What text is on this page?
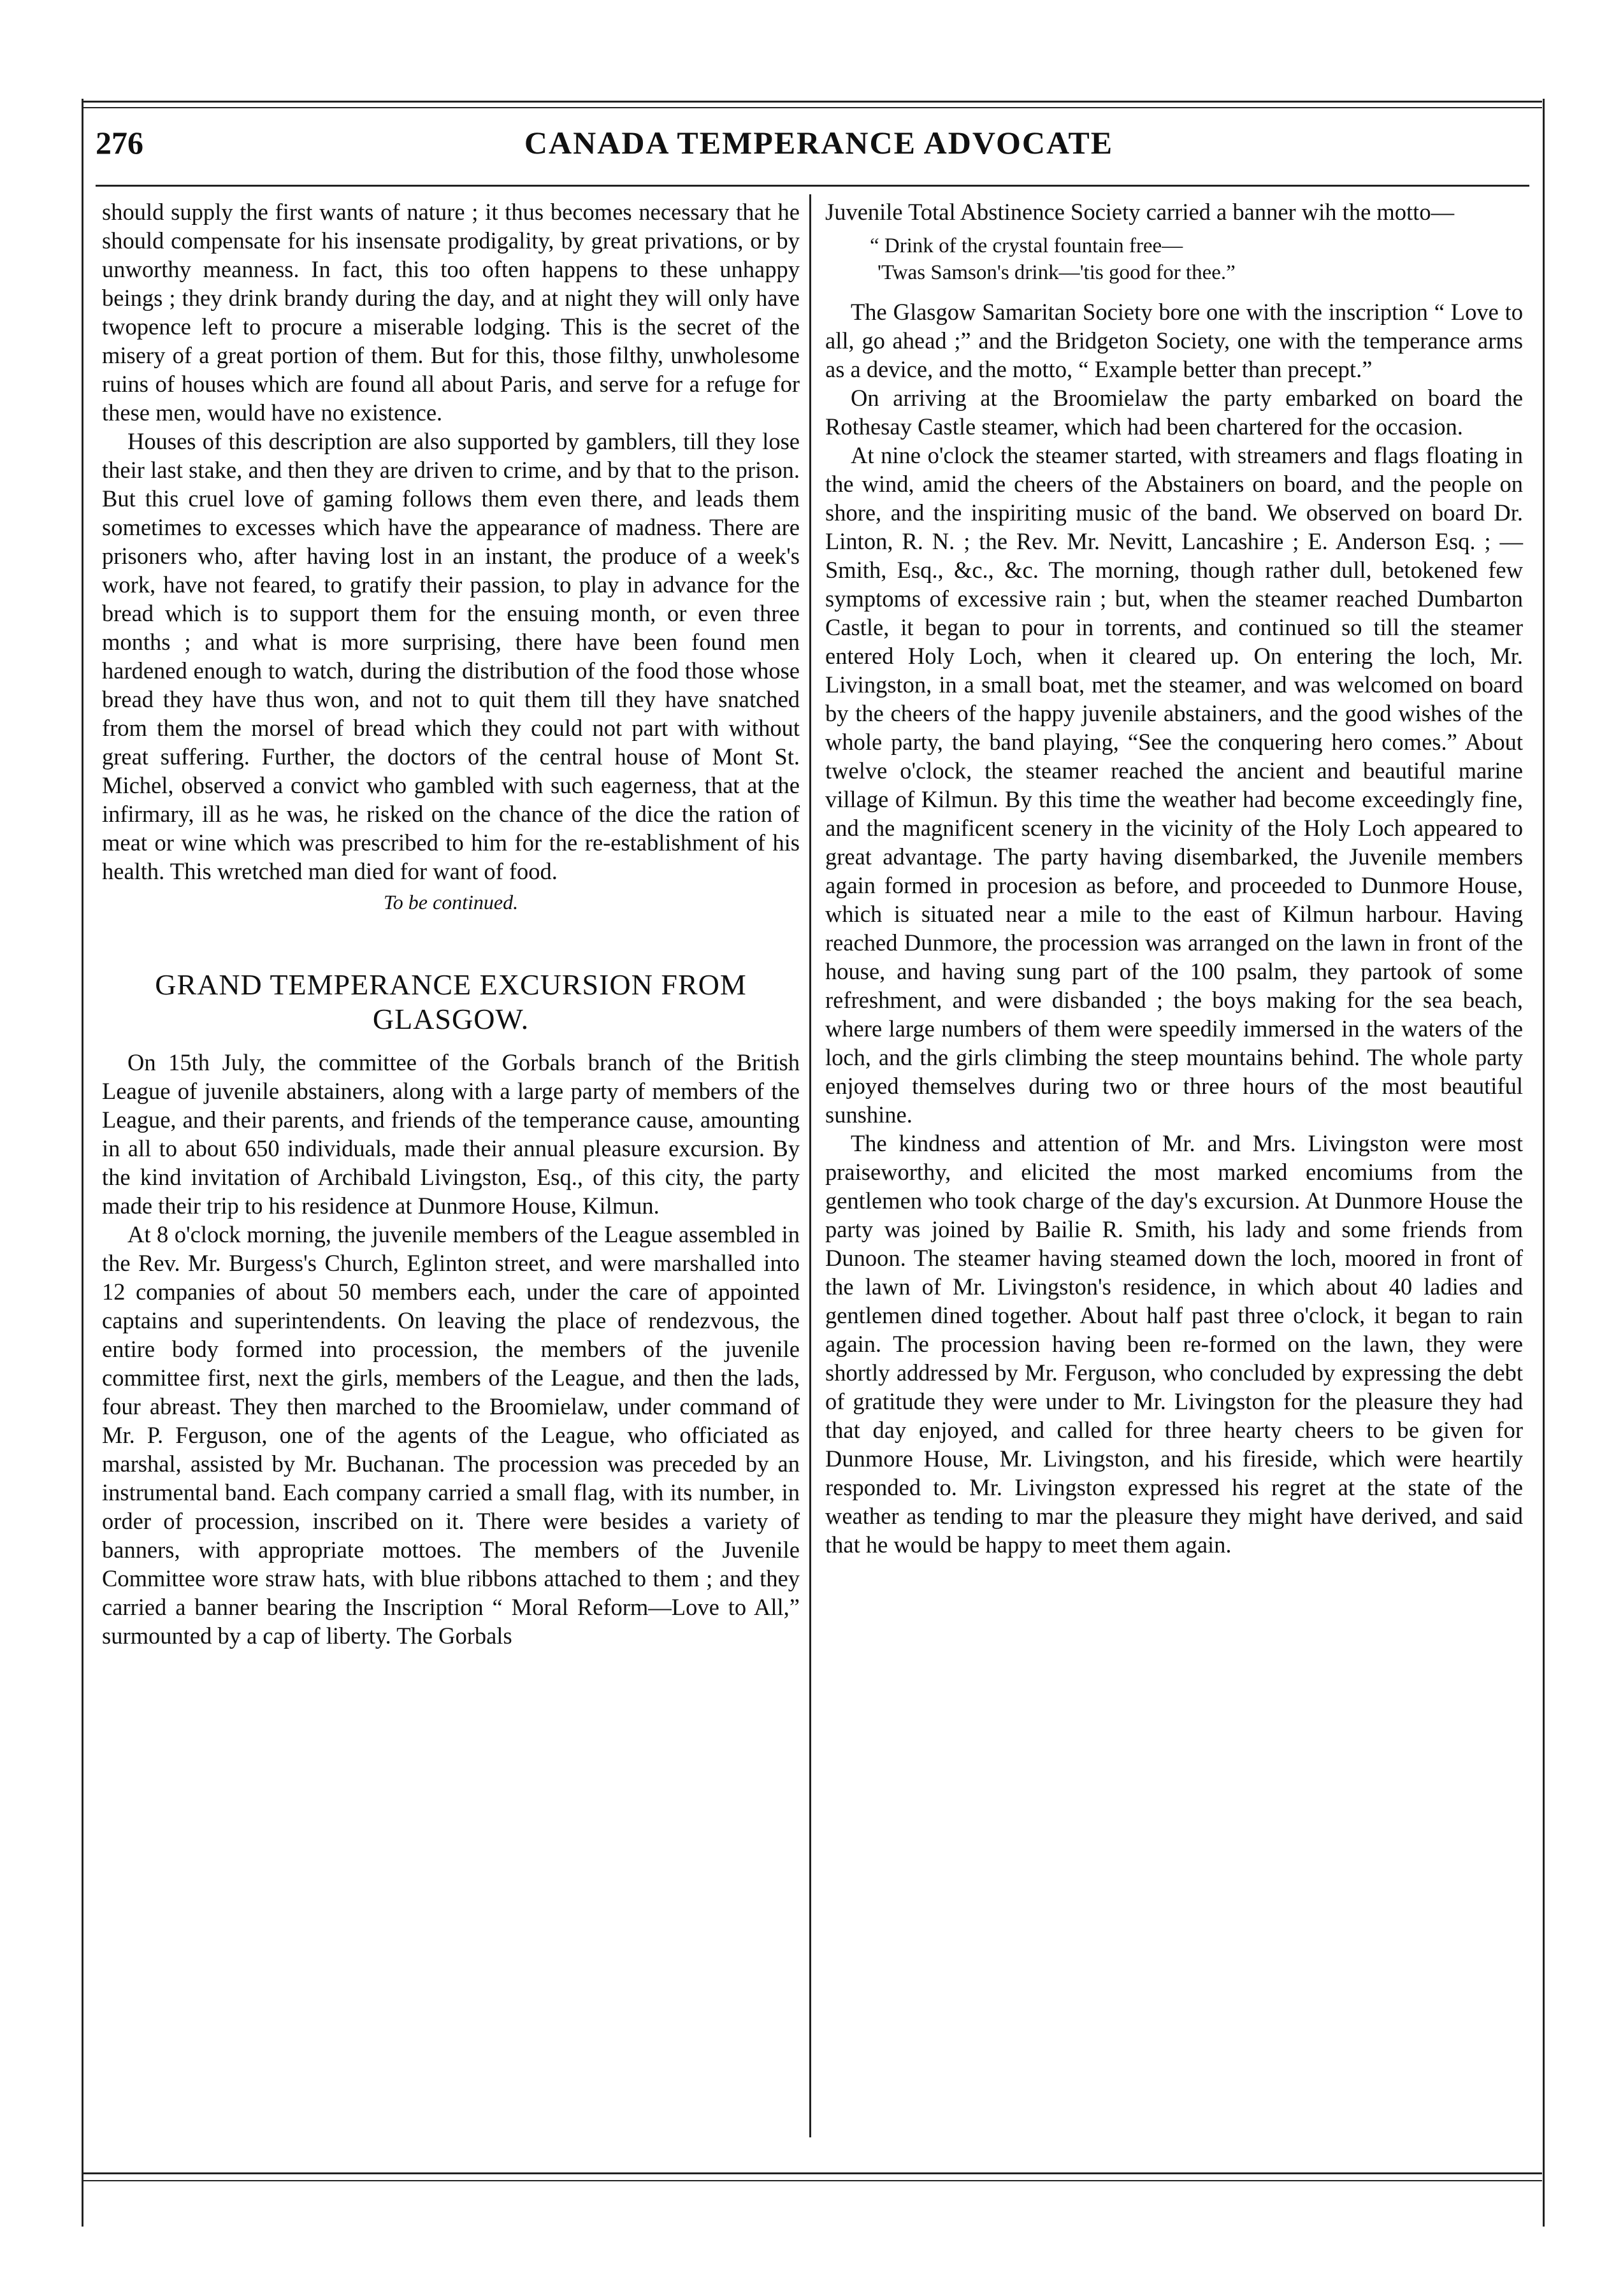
276	CANADA TEMPERANCE ADVOCATE

should supply the first wants of nature ; it thus becomes necessary that he should compensate for his insensate prodigality, by great privations, or by unworthy meanness. In fact, this too often happens to these unhappy beings ; they drink brandy during the day, and at night they will only have twopence left to procure a miserable lodging. This is the secret of the misery of a great portion of them. But for this, those filthy, unwholesome ruins of houses which are found all about Paris, and serve for a refuge for these men, would have no existence.

Houses of this description are also supported by gamblers, till they lose their last stake, and then they are driven to crime, and by that to the prison. But this cruel love of gaming follows them even there, and leads them sometimes to excesses which have the appearance of madness. There are prisoners who, after having lost in an instant, the produce of a week's work, have not feared, to gratify their passion, to play in advance for the bread which is to support them for the ensuing month, or even three months ; and what is more surprising, there have been found men hardened enough to watch, during the distribution of the food those whose bread they have thus won, and not to quit them till they have snatched from them the morsel of bread which they could not part with without great suffering. Further, the doctors of the central house of Mont St. Michel, observed a convict who gambled with such eagerness, that at the infirmary, ill as he was, he risked on the chance of the dice the ration of meat or wine which was prescribed to him for the re-establishment of his health. This wretched man died for want of food.

To be continued.
GRAND TEMPERANCE EXCURSION FROM GLASGOW.

On 15th July, the committee of the Gorbals branch of the British League of juvenile abstainers, along with a large party of members of the League, and their parents, and friends of the temperance cause, amounting in all to about 650 individuals, made their annual pleasure excursion. By the kind invitation of Archibald Livingston, Esq., of this city, the party made their trip to his residence at Dunmore House, Kilmun.

At 8 o'clock morning, the juvenile members of the League assembled in the Rev. Mr. Burgess's Church, Eglinton street, and were marshalled into 12 companies of about 50 members each, under the care of appointed captains and superintendents. On leaving the place of rendezvous, the entire body formed into procession, the members of the juvenile committee first, next the girls, members of the League, and then the lads, four abreast. They then marched to the Broomielaw, under command of Mr. P. Ferguson, one of the agents of the League, who officiated as marshal, assisted by Mr. Buchanan. The procession was preceded by an instrumental band. Each company carried a small flag, with its number, in order of procession, inscribed on it. There were besides a variety of banners, with appropriate mottoes. The members of the Juvenile Committee wore straw hats, with blue ribbons attached to them ; and they carried a banner bearing the Inscription “ Moral Reform—Love to All,” surmounted by a cap of liberty. The Gorbals

Juvenile Total Abstinence Society carried a banner wih the motto—

“ Drink of the crystal fountain free—
'Twas Samson's drink—'tis good for thee.”

The Glasgow Samaritan Society bore one with the inscription “ Love to all, go ahead ;” and the Bridgeton Society, one with the temperance arms as a device, and the motto, “ Example better than precept.”

On arriving at the Broomielaw the party embarked on board the Rothesay Castle steamer, which had been chartered for the occasion.

At nine o'clock the steamer started, with streamers and flags floating in the wind, amid the cheers of the Abstainers on board, and the people on shore, and the inspiriting music of the band. We observed on board Dr. Linton, R. N. ; the Rev. Mr. Nevitt, Lancashire ; E. Anderson Esq. ; — Smith, Esq., &c., &c. The morning, though rather dull, betokened few symptoms of excessive rain ; but, when the steamer reached Dumbarton Castle, it began to pour in torrents, and continued so till the steamer entered Holy Loch, when it cleared up. On entering the loch, Mr. Livingston, in a small boat, met the steamer, and was welcomed on board by the cheers of the happy juvenile abstainers, and the good wishes of the whole party, the band playing, “See the conquering hero comes.” About twelve o'clock, the steamer reached the ancient and beautiful marine village of Kilmun. By this time the weather had become exceedingly fine, and the magnificent scenery in the vicinity of the Holy Loch appeared to great advantage. The party having disembarked, the Juvenile members again formed in procesion as before, and proceeded to Dunmore House, which is situated near a mile to the east of Kilmun harbour. Having reached Dunmore, the procession was arranged on the lawn in front of the house, and having sung part of the 100 psalm, they partook of some refreshment, and were disbanded ; the boys making for the sea beach, where large numbers of them were speedily immersed in the waters of the loch, and the girls climbing the steep mountains behind. The whole party enjoyed themselves during two or three hours of the most beautiful sunshine.

The kindness and attention of Mr. and Mrs. Livingston were most praiseworthy, and elicited the most marked encomiums from the gentlemen who took charge of the day's excursion. At Dunmore House the party was joined by Bailie R. Smith, his lady and some friends from Dunoon. The steamer having steamed down the loch, moored in front of the lawn of Mr. Livingston's residence, in which about 40 ladies and gentlemen dined together. About half past three o'clock, it began to rain again. The procession having been re-formed on the lawn, they were shortly addressed by Mr. Ferguson, who concluded by expressing the debt of gratitude they were under to Mr. Livingston for the pleasure they had that day enjoyed, and called for three hearty cheers to be given for Dunmore House, Mr. Livingston, and his fireside, which were heartily responded to. Mr. Livingston expressed his regret at the state of the weather as tending to mar the pleasure they might have derived, and said that he would be happy to meet them again.
